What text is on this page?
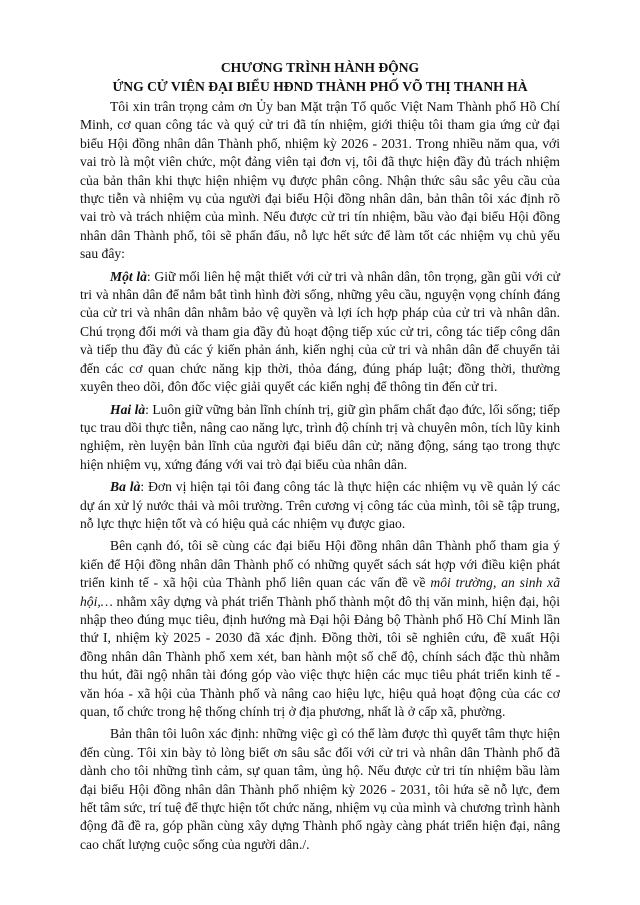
CHƯƠNG TRÌNH HÀNH ĐỘNG
ỨNG CỬ VIÊN ĐẠI BIỂU HĐND THÀNH PHỐ VÕ THỊ THANH HÀ

Tôi xin trân trọng cảm ơn Ủy ban Mặt trận Tổ quốc Việt Nam Thành phố Hồ Chí Minh, cơ quan công tác và quý cử tri đã tín nhiệm, giới thiệu tôi tham gia ứng cử đại biểu Hội đồng nhân dân Thành phố, nhiệm kỳ 2026 - 2031. Trong nhiều năm qua, với vai trò là một viên chức, một đảng viên tại đơn vị, tôi đã thực hiện đầy đủ trách nhiệm của bản thân khi thực hiện nhiệm vụ được phân công. Nhận thức sâu sắc yêu cầu của thực tiễn và nhiệm vụ của người đại biểu Hội đồng nhân dân, bản thân tôi xác định rõ vai trò và trách nhiệm của mình. Nếu được cử tri tín nhiệm, bầu vào đại biểu Hội đồng nhân dân Thành phố, tôi sẽ phấn đấu, nỗ lực hết sức để làm tốt các nhiệm vụ chủ yếu sau đây:

Một là: Giữ mối liên hệ mật thiết với cử tri và nhân dân, tôn trọng, gần gũi với cử tri và nhân dân để nắm bắt tình hình đời sống, những yêu cầu, nguyện vọng chính đáng của cử tri và nhân dân nhằm bảo vệ quyền và lợi ích hợp pháp của cử tri và nhân dân. Chú trọng đổi mới và tham gia đầy đủ hoạt động tiếp xúc cử tri, công tác tiếp công dân và tiếp thu đầy đủ các ý kiến phản ánh, kiến nghị của cử tri và nhân dân để chuyển tải đến các cơ quan chức năng kịp thời, thỏa đáng, đúng pháp luật; đồng thời, thường xuyên theo dõi, đôn đốc việc giải quyết các kiến nghị để thông tin đến cử tri.

Hai là: Luôn giữ vững bản lĩnh chính trị, giữ gìn phẩm chất đạo đức, lối sống; tiếp tục trau dồi thực tiễn, nâng cao năng lực, trình độ chính trị và chuyên môn, tích lũy kinh nghiệm, rèn luyện bản lĩnh của người đại biểu dân cử; năng động, sáng tạo trong thực hiện nhiệm vụ, xứng đáng với vai trò đại biểu của nhân dân.

Ba là: Đơn vị hiện tại tôi đang công tác là thực hiện các nhiệm vụ về quản lý các dự án xử lý nước thải và môi trường. Trên cương vị công tác của mình, tôi sẽ tập trung, nỗ lực thực hiện tốt và có hiệu quả các nhiệm vụ được giao.

Bên cạnh đó, tôi sẽ cùng các đại biểu Hội đồng nhân dân Thành phố tham gia ý kiến để Hội đồng nhân dân Thành phố có những quyết sách sát hợp với điều kiện phát triển kinh tế - xã hội của Thành phố liên quan các vấn đề về môi trường, an sinh xã hội,… nhằm xây dựng và phát triển Thành phố thành một đô thị văn minh, hiện đại, hội nhập theo đúng mục tiêu, định hướng mà Đại hội Đảng bộ Thành phố Hồ Chí Minh lần thứ I, nhiệm kỳ 2025 - 2030 đã xác định. Đồng thời, tôi sẽ nghiên cứu, đề xuất Hội đồng nhân dân Thành phố xem xét, ban hành một số chế độ, chính sách đặc thù nhằm thu hút, đãi ngộ nhân tài đóng góp vào việc thực hiện các mục tiêu phát triển kinh tế - văn hóa - xã hội của Thành phố và nâng cao hiệu lực, hiệu quả hoạt động của các cơ quan, tổ chức trong hệ thống chính trị ở địa phương, nhất là ở cấp xã, phường.

Bản thân tôi luôn xác định: những việc gì có thể làm được thì quyết tâm thực hiện đến cùng. Tôi xin bày tỏ lòng biết ơn sâu sắc đối với cử tri và nhân dân Thành phố đã dành cho tôi những tình cảm, sự quan tâm, ủng hộ. Nếu được cử tri tín nhiệm bầu làm đại biểu Hội đồng nhân dân Thành phố nhiệm kỳ 2026 - 2031, tôi hứa sẽ nỗ lực, đem hết tâm sức, trí tuệ để thực hiện tốt chức năng, nhiệm vụ của mình và chương trình hành động đã đề ra, góp phần cùng xây dựng Thành phố ngày càng phát triển hiện đại, nâng cao chất lượng cuộc sống của người dân./.
